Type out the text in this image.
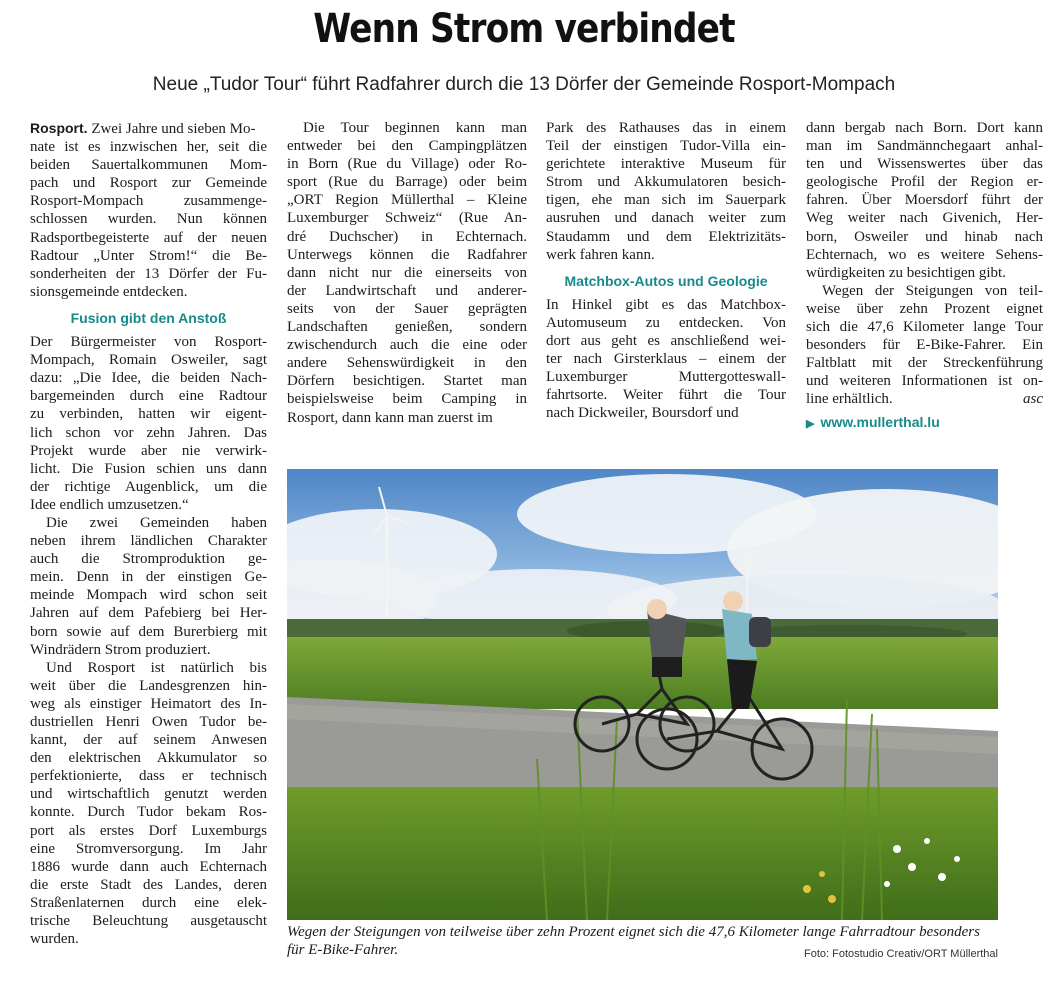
Wenn Strom verbindet
Neue „Tudor Tour“ führt Radfahrer durch die 13 Dörfer der Gemeinde Rosport-Mompach
Rosport. Zwei Jahre und sieben Mo-
nate ist es inzwischen her, seit die
beiden Sauertalkommunen Mom-
pach und Rosport zur Gemeinde
Rosport-Mompach zusammenge-
schlossen wurden. Nun können
Radsportbegeisterte auf der neuen
Radtour „Unter Strom!“ die Be-
sonderheiten der 13 Dörfer der Fu-
sionsgemeinde entdecken.
Fusion gibt den Anstoß
Der Bürgermeister von Rosport-
Mompach, Romain Osweiler, sagt
dazu: „Die Idee, die beiden Nach-
bargemeinden durch eine Radtour
zu verbinden, hatten wir eigent-
lich schon vor zehn Jahren. Das
Projekt wurde aber nie verwirk-
licht. Die Fusion schien uns dann
der richtige Augenblick, um die
Idee endlich umzusetzen.“
Die zwei Gemeinden haben
neben ihrem ländlichen Charakter
auch die Stromproduktion ge-
mein. Denn in der einstigen Ge-
meinde Mompach wird schon seit
Jahren auf dem Pafebierg bei Her-
born sowie auf dem Burerbierg mit
Windrädern Strom produziert.
Und Rosport ist natürlich bis
weit über die Landesgrenzen hin-
weg als einstiger Heimatort des In-
dustriellen Henri Owen Tudor be-
kannt, der auf seinem Anwesen
den elektrischen Akkumulator so
perfektionierte, dass er technisch
und wirtschaftlich genutzt werden
konnte. Durch Tudor bekam Ros-
port als erstes Dorf Luxemburgs
eine Stromversorgung. Im Jahr
1886 wurde dann auch Echternach
die erste Stadt des Landes, deren
Straßenlaternen durch eine elek-
trische Beleuchtung ausgetauscht
wurden.
Die Tour beginnen kann man
entweder bei den Campingplätzen
in Born (Rue du Village) oder Ro-
sport (Rue du Barrage) oder beim
„ORT Region Müllerthal – Kleine
Luxemburger Schweiz“ (Rue An-
dré Duchscher) in Echternach.
Unterwegs können die Radfahrer
dann nicht nur die einerseits von
der Landwirtschaft und anderer-
seits von der Sauer geprägten
Landschaften genießen, sondern
zwischendurch auch die eine oder
andere Sehenswürdigkeit in den
Dörfern besichtigen. Startet man
beispielsweise beim Camping in
Rosport, dann kann man zuerst im
Park des Rathauses das in einem
Teil der einstigen Tudor-Villa ein-
gerichtete interaktive Museum für
Strom und Akkumulatoren besich-
tigen, ehe man sich im Sauerpark
ausruhen und danach weiter zum
Staudamm und dem Elektrizitäts-
werk fahren kann.
Matchbox-Autos und Geologie
In Hinkel gibt es das Matchbox-
Automuseum zu entdecken. Von
dort aus geht es anschließend wei-
ter nach Girsterklaus – einem der
Luxemburger Muttergotteswall-
fahrtsorte. Weiter führt die Tour
nach Dickweiler, Boursdorf und
dann bergab nach Born. Dort kann
man im Sandmännchegaart anhal-
ten und Wissenswertes über das
geologische Profil der Region er-
fahren. Über Moersdorf führt der
Weg weiter nach Givenich, Her-
born, Osweiler und hinab nach
Echternach, wo es weitere Sehens-
würdigkeiten zu besichtigen gibt.
Wegen der Steigungen von teil-
weise über zehn Prozent eignet
sich die 47,6 Kilometer lange Tour
besonders für E-Bike-Fahrer. Ein
Faltblatt mit der Streckenführung
und weiteren Informationen ist on-
line erhältlich.	asc
▶ www.mullerthal.lu
Wegen der Steigungen von teilweise über zehn Prozent eignet sich die 47,6 Kilometer lange Fahrradtour besonders für E-Bike-Fahrer.	Foto: Fotostudio Creativ/ORT Müllerthal
